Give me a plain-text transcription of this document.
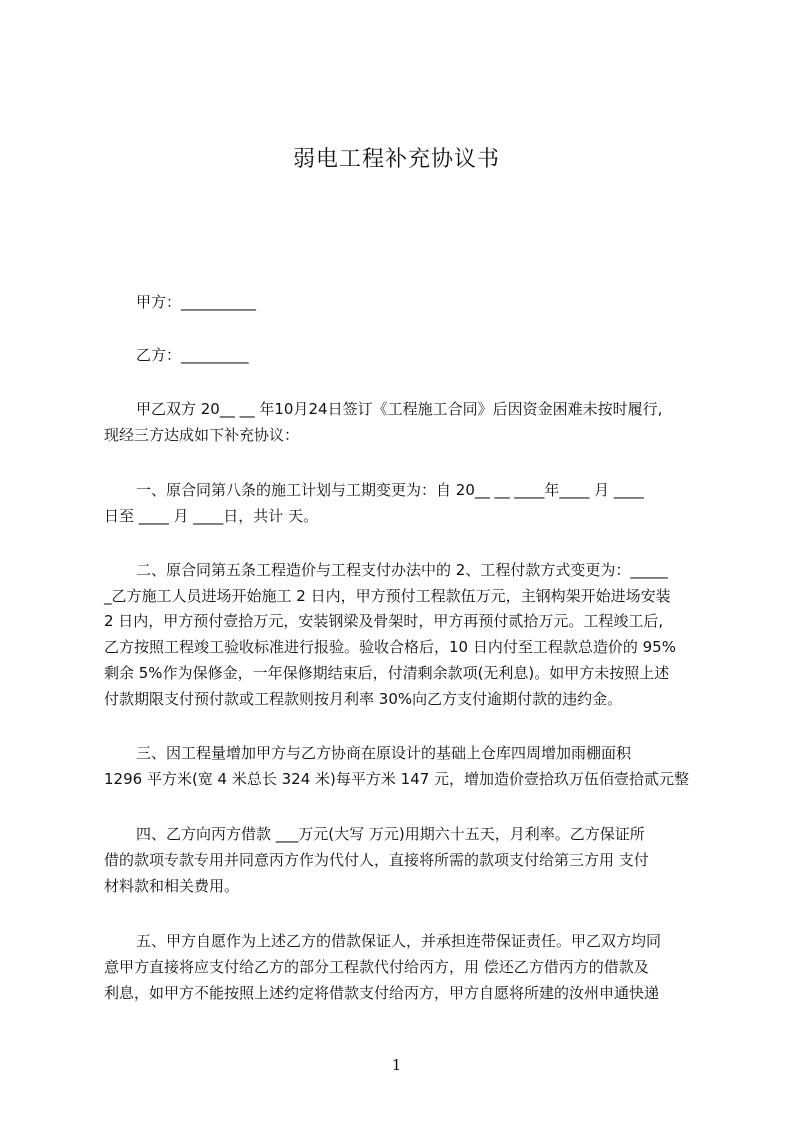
弱电工程补充协议书
甲方：__________
乙方：_________
甲乙双方 20__ __ 年10月24日签订《工程施工合同》后因资金困难未按时履行,
现经三方达成如下补充协议：
一、原合同第八条的施工计划与工期变更为：自 20__ __ ____年____ 月 ____
日至 ____ 月 ____日，共计 天。
二、原合同第五条工程造价与工程支付办法中的 2、工程付款方式变更为：_____
_乙方施工人员进场开始施工 2 日内，甲方预付工程款伍万元，主钢构架开始进场安装
2 日内，甲方预付壹拾万元，安装钢梁及骨架时，甲方再预付贰拾万元。工程竣工后,
乙方按照工程竣工验收标准进行报验。验收合格后，10 日内付至工程款总造价的 95%
剩余 5%作为保修金，一年保修期结束后，付清剩余款项(无利息)。如甲方未按照上述
付款期限支付预付款或工程款则按月利率 30%向乙方支付逾期付款的违约金。
三、因工程量增加甲方与乙方协商在原设计的基础上仓库四周增加雨棚面积
1296 平方米(宽 4 米总长 324 米)每平方米 147 元，增加造价壹拾玖万伍佰壹拾贰元整
四、乙方向丙方借款 ___万元(大写 万元)用期六十五天，月利率。乙方保证所
借的款项专款专用并同意丙方作为代付人，直接将所需的款项支付给第三方用 支付
材料款和相关费用。
五、甲方自愿作为上述乙方的借款保证人，并承担连带保证责任。甲乙双方均同
意甲方直接将应支付给乙方的部分工程款代付给丙方，用 偿还乙方借丙方的借款及
利息，如甲方不能按照上述约定将借款支付给丙方，甲方自愿将所建的汝州申通快递
1
